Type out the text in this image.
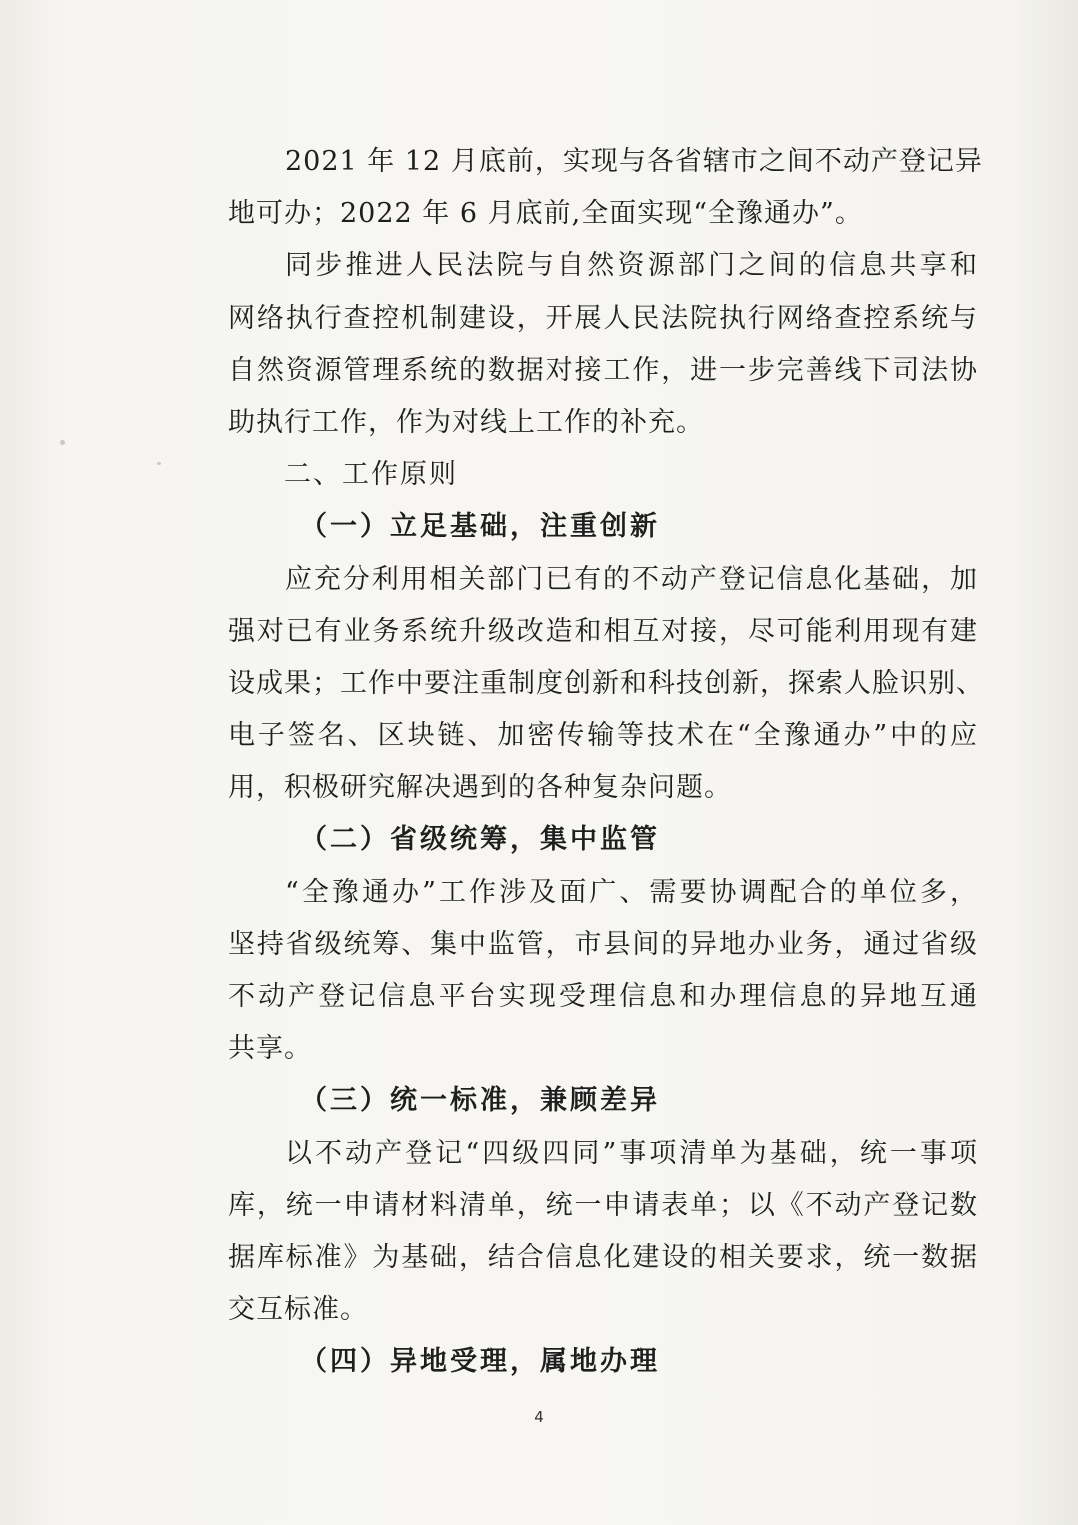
2021 年 12 月底前，实现与各省辖市之间不动产登记异
地可办；2022 年 6 月底前,全面实现“全豫通办”。
同步推进人民法院与自然资源部门之间的信息共享和
网络执行查控机制建设，开展人民法院执行网络查控系统与
自然资源管理系统的数据对接工作，进一步完善线下司法协
助执行工作，作为对线上工作的补充。
二、工作原则
（一）立足基础，注重创新
应充分利用相关部门已有的不动产登记信息化基础，加
强对已有业务系统升级改造和相互对接，尽可能利用现有建
设成果；工作中要注重制度创新和科技创新，探索人脸识别、
电子签名、区块链、加密传输等技术在“全豫通办”中的应
用，积极研究解决遇到的各种复杂问题。
（二）省级统筹，集中监管
“全豫通办”工作涉及面广、需要协调配合的单位多，
坚持省级统筹、集中监管，市县间的异地办业务，通过省级
不动产登记信息平台实现受理信息和办理信息的异地互通
共享。
（三）统一标准，兼顾差异
以不动产登记“四级四同”事项清单为基础，统一事项
库，统一申请材料清单，统一申请表单；以《不动产登记数
据库标准》为基础，结合信息化建设的相关要求，统一数据
交互标准。
（四）异地受理，属地办理
4
